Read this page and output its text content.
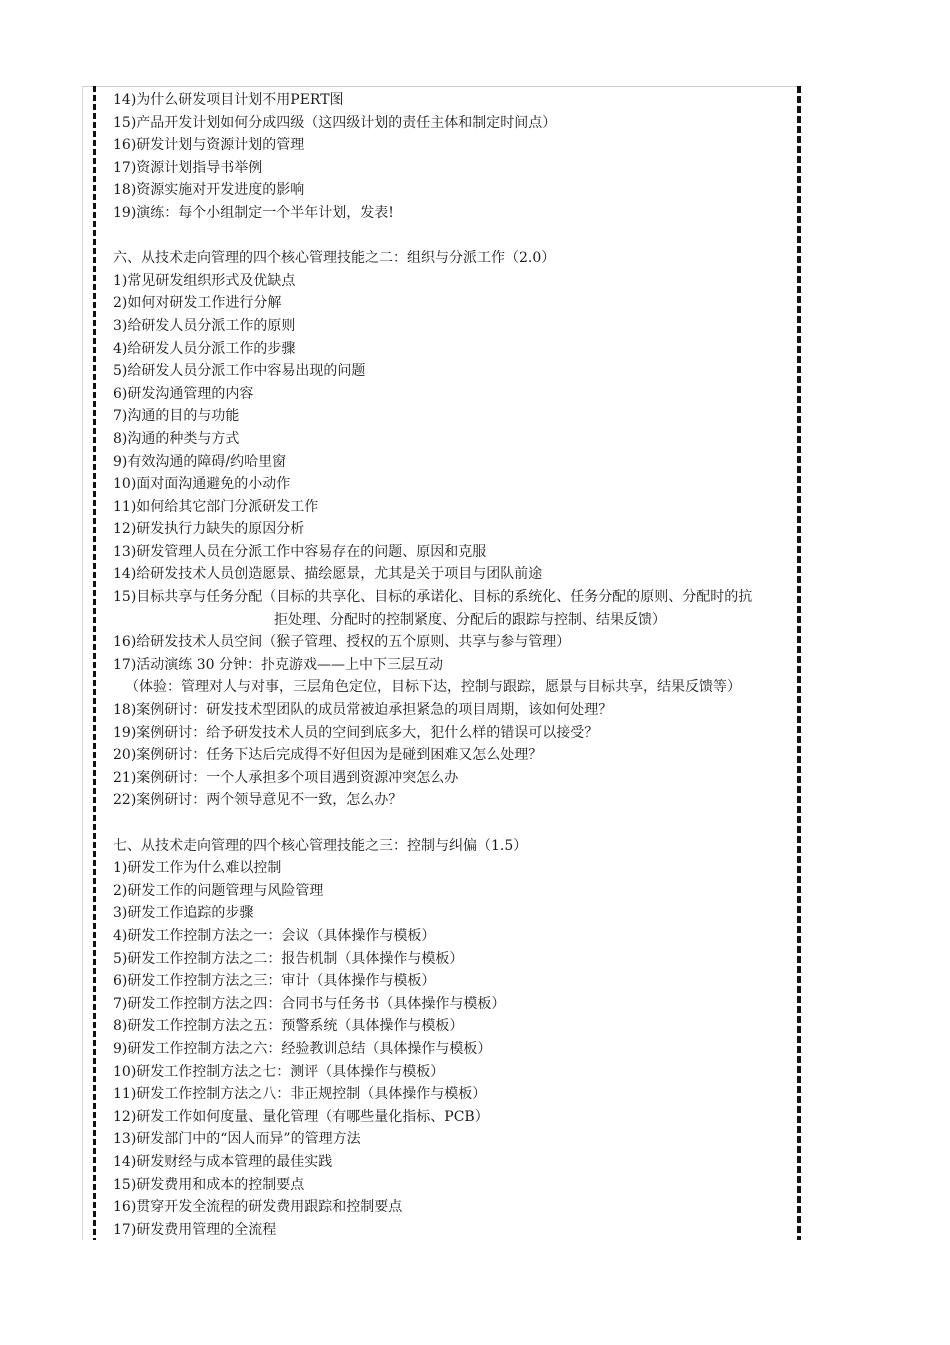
14)为什么研发项目计划不用PERT图
15)产品开发计划如何分成四级（这四级计划的责任主体和制定时间点）
16)研发计划与资源计划的管理
17)资源计划指导书举例
18)资源实施对开发进度的影响
19)演练：每个小组制定一个半年计划，发表!
六、从技术走向管理的四个核心管理技能之二：组织与分派工作（2.0）
1)常见研发组织形式及优缺点
2)如何对研发工作进行分解
3)给研发人员分派工作的原则
4)给研发人员分派工作的步骤
5)给研发人员分派工作中容易出现的问题
6)研发沟通管理的内容
7)沟通的目的与功能
8)沟通的种类与方式
9)有效沟通的障碍/约哈里窗
10)面对面沟通避免的小动作
11)如何给其它部门分派研发工作
12)研发执行力缺失的原因分析
13)研发管理人员在分派工作中容易存在的问题、原因和克服
14)给研发技术人员创造愿景、描绘愿景，尤其是关于项目与团队前途
15)目标共享与任务分配（目标的共享化、目标的承诺化、目标的系统化、任务分配的原则、分配时的抗
拒处理、分配时的控制紧度、分配后的跟踪与控制、结果反馈）
16)给研发技术人员空间（猴子管理、授权的五个原则、共享与参与管理）
17)活动演练 30 分钟：扑克游戏——上中下三层互动
（体验：管理对人与对事，三层角色定位，目标下达，控制与跟踪，愿景与目标共享，结果反馈等）
18)案例研讨：研发技术型团队的成员常被迫承担紧急的项目周期，该如何处理？
19)案例研讨：给予研发技术人员的空间到底多大，犯什么样的错误可以接受？
20)案例研讨：任务下达后完成得不好但因为是碰到困难又怎么处理？
21)案例研讨：一个人承担多个项目遇到资源冲突怎么办
22)案例研讨：两个领导意见不一致，怎么办？
七、从技术走向管理的四个核心管理技能之三：控制与纠偏（1.5）
1)研发工作为什么难以控制
2)研发工作的问题管理与风险管理
3)研发工作追踪的步骤
4)研发工作控制方法之一：会议（具体操作与模板）
5)研发工作控制方法之二：报告机制（具体操作与模板）
6)研发工作控制方法之三：审计（具体操作与模板）
7)研发工作控制方法之四：合同书与任务书（具体操作与模板）
8)研发工作控制方法之五：预警系统（具体操作与模板）
9)研发工作控制方法之六：经验教训总结（具体操作与模板）
10)研发工作控制方法之七：测评（具体操作与模板）
11)研发工作控制方法之八：非正规控制（具体操作与模板）
12)研发工作如何度量、量化管理（有哪些量化指标、PCB）
13)研发部门中的“因人而异”的管理方法
14)研发财经与成本管理的最佳实践
15)研发费用和成本的控制要点
16)贯穿开发全流程的研发费用跟踪和控制要点
17)研发费用管理的全流程
